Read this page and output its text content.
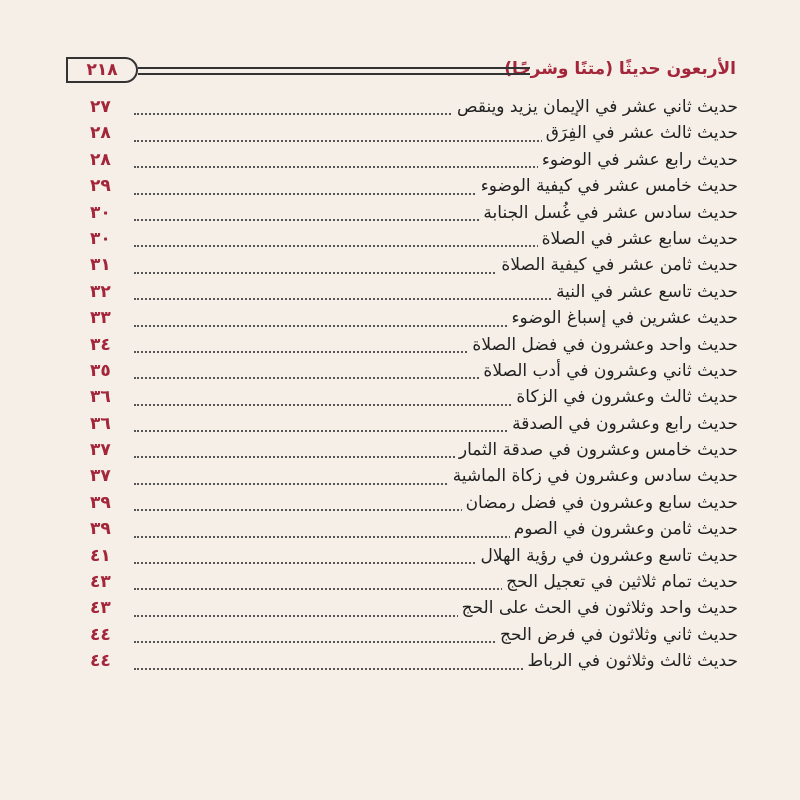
الأربعون حديثًا (متنًا وشرحًا)
٢١٨
حديث ثاني عشر في الإيمان يزيد وينقص
٢٧
حديث ثالث عشر في الفِرَق
٢٨
حديث رابع عشر في الوضوء
٢٨
حديث خامس عشر في كيفية الوضوء
٢٩
حديث سادس عشر في غُسل الجنابة
٣٠
حديث سابع عشر في الصلاة
٣٠
حديث ثامن عشر في كيفية الصلاة
٣١
حديث تاسع عشر في النية
٣٢
حديث عشرين في إسباغ الوضوء
٣٣
حديث واحد وعشرون في فضل الصلاة
٣٤
حديث ثاني وعشرون في أدب الصلاة
٣٥
حديث ثالث وعشرون في الزكاة
٣٦
حديث رابع وعشرون في الصدقة
٣٦
حديث خامس وعشرون في صدقة الثمار
٣٧
حديث سادس وعشرون في زكاة الماشية
٣٧
حديث سابع وعشرون في فضل رمضان
٣٩
حديث ثامن وعشرون في الصوم
٣٩
حديث تاسع وعشرون في رؤية الهلال
٤١
حديث تمام ثلاثين في تعجيل الحج
٤٣
حديث واحد وثلاثون في الحث على الحج
٤٣
حديث ثاني وثلاثون في فرض الحج
٤٤
حديث ثالث وثلاثون في الرباط
٤٤
